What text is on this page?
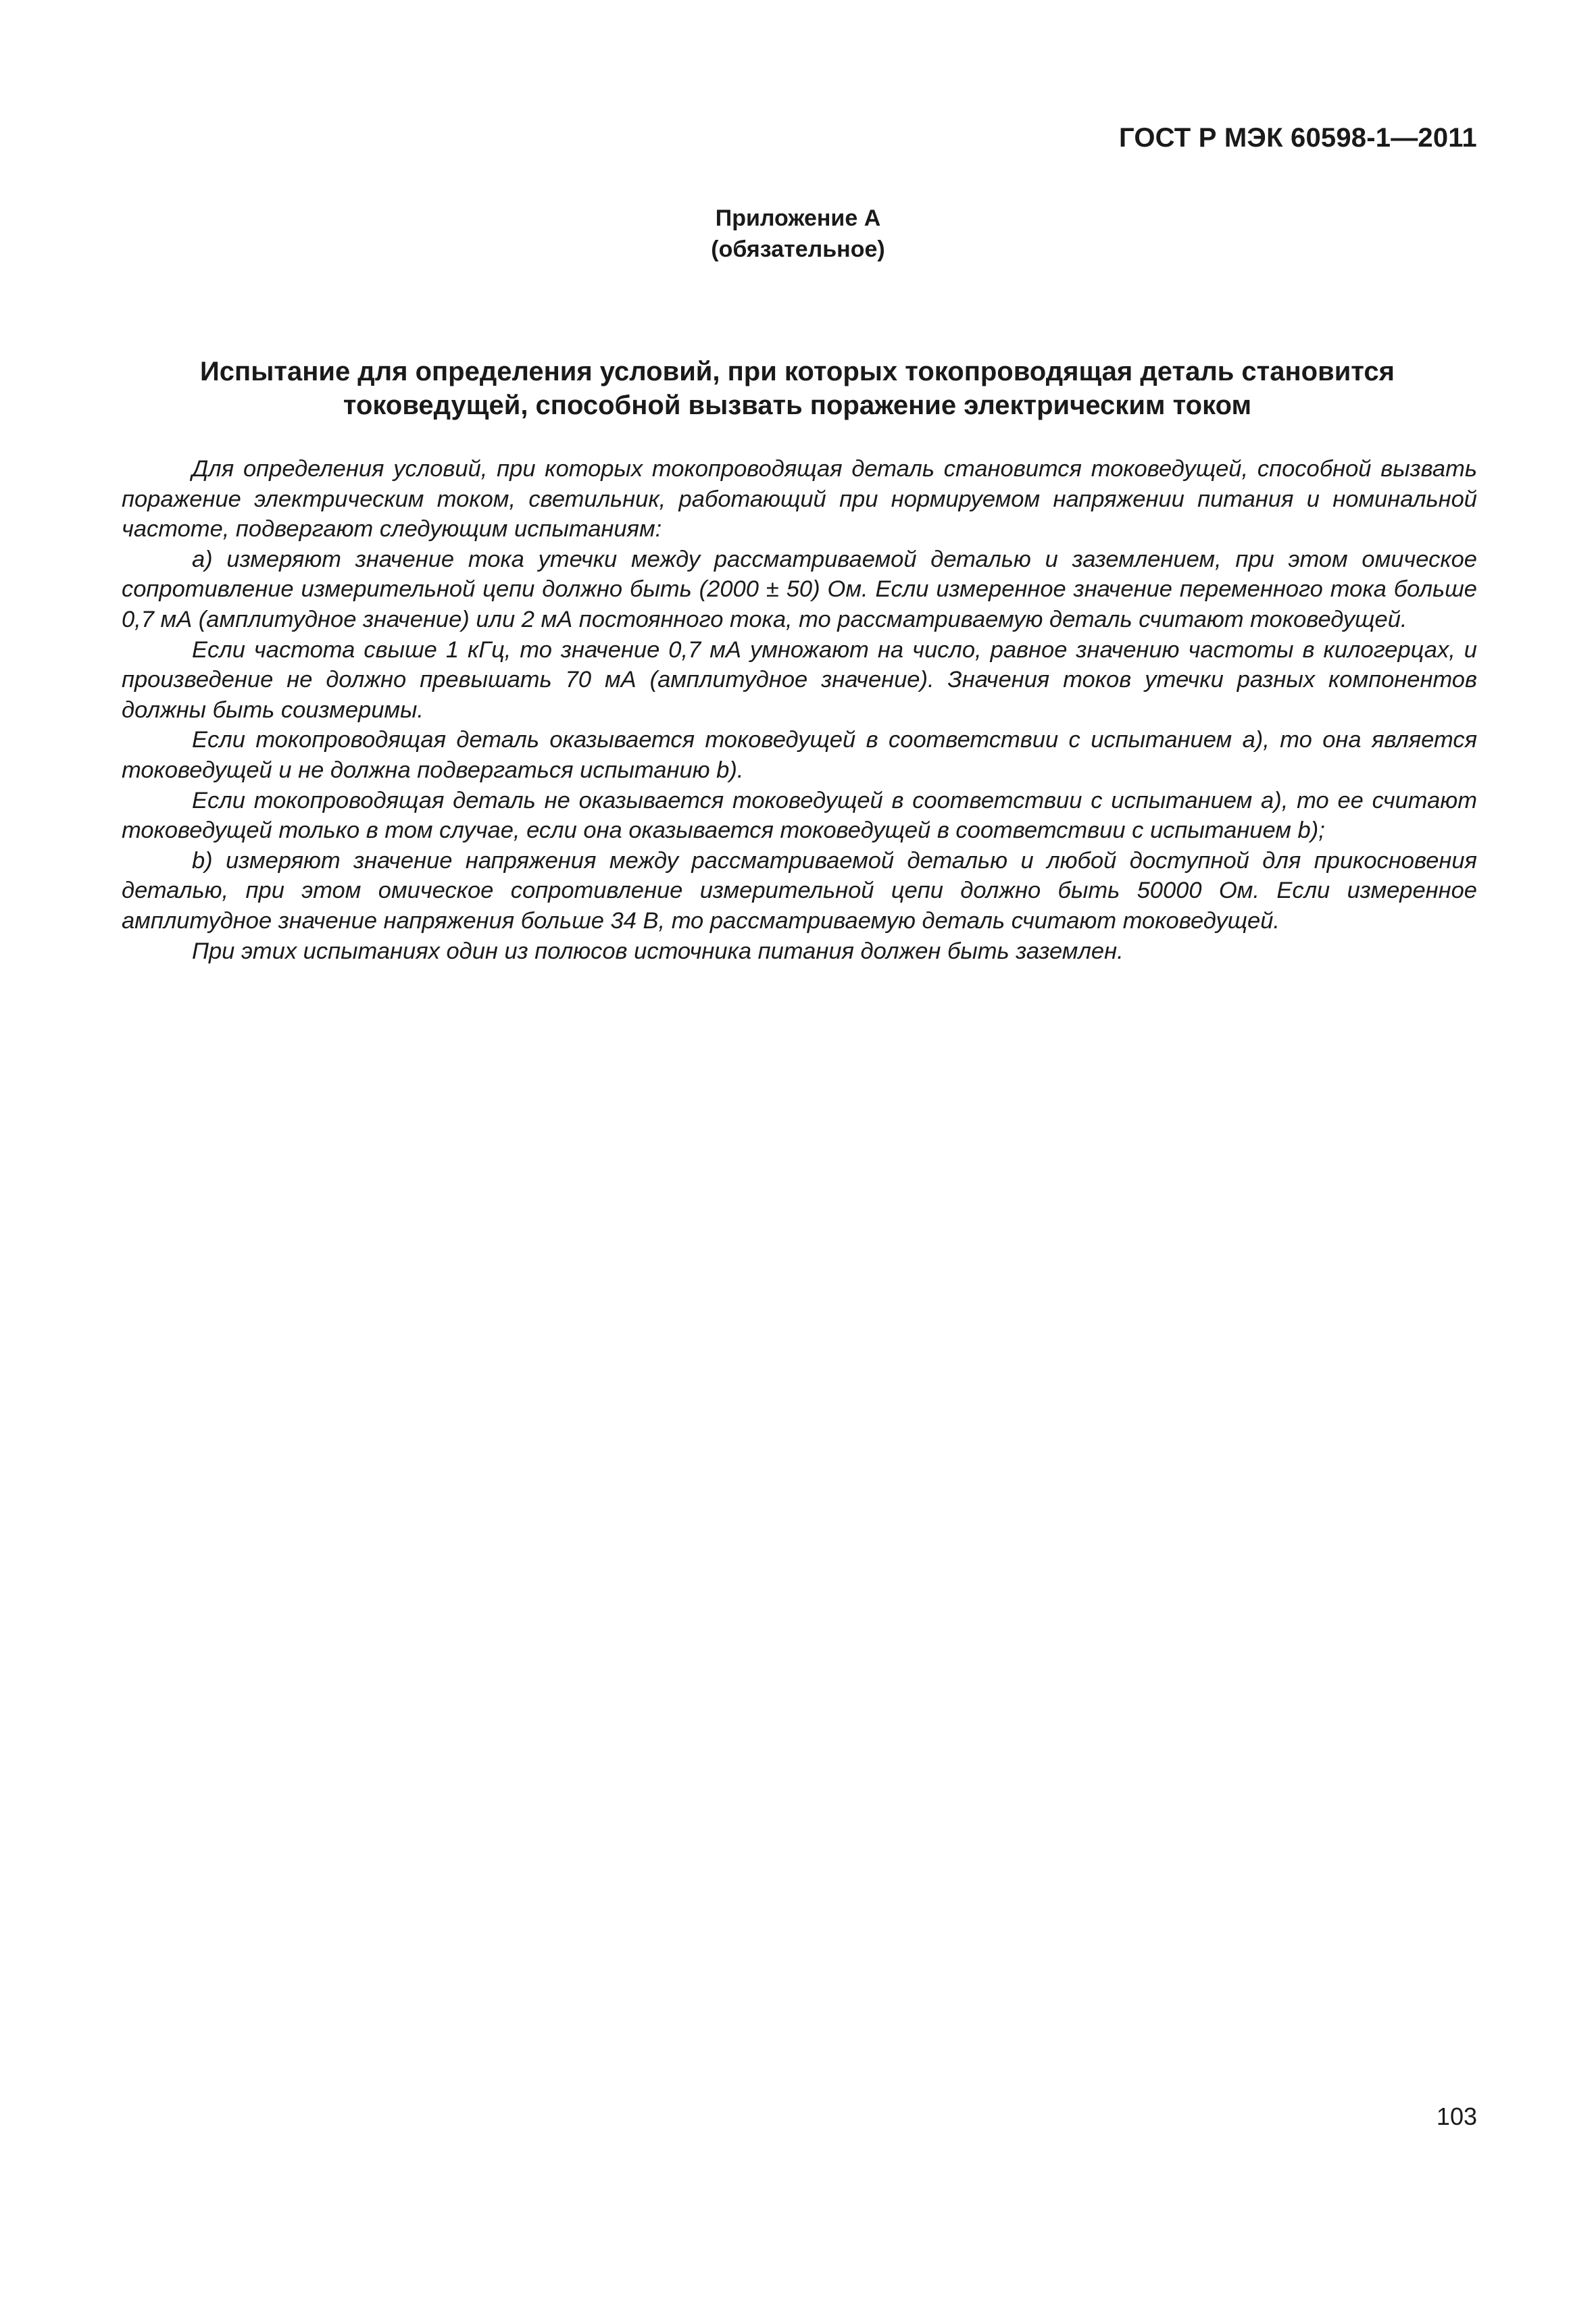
ГОСТ Р МЭК 60598-1—2011
Приложение А
(обязательное)
Испытание для определения условий, при которых токопроводящая деталь становится
токоведущей, способной вызвать поражение электрическим током

Для определения условий, при которых токопроводящая деталь становится токоведущей, способной вызвать поражение электрическим током, светильник, работающий при нормируемом напряжении питания и номинальной частоте, подвергают следующим испытаниям:

a) измеряют значение тока утечки между рассматриваемой деталью и заземлением, при этом омическое сопротивление измерительной цепи должно быть (2000 ± 50) Ом. Если измеренное значение переменного тока больше 0,7 мА (амплитудное значение) или 2 мА постоянного тока, то рассматриваемую деталь считают токоведущей.

Если частота свыше 1 кГц, то значение 0,7 мА умножают на число, равное значению частоты в килогерцах, и произведение не должно превышать 70 мА (амплитудное значение). Значения токов утечки разных компонентов должны быть соизмеримы.

Если токопроводящая деталь оказывается токоведущей в соответствии с испытанием а), то она является токоведущей и не должна подвергаться испытанию b).

Если токопроводящая деталь не оказывается токоведущей в соответствии с испытанием а), то ее считают токоведущей только в том случае, если она оказывается токоведущей в соответствии с испытанием b);

b) измеряют значение напряжения между рассматриваемой деталью и любой доступной для прикосновения деталью, при этом омическое сопротивление измерительной цепи должно быть 50000 Ом. Если измеренное амплитудное значение напряжения больше 34 В, то рассматриваемую деталь считают токоведущей.

При этих испытаниях один из полюсов источника питания должен быть заземлен.

103
